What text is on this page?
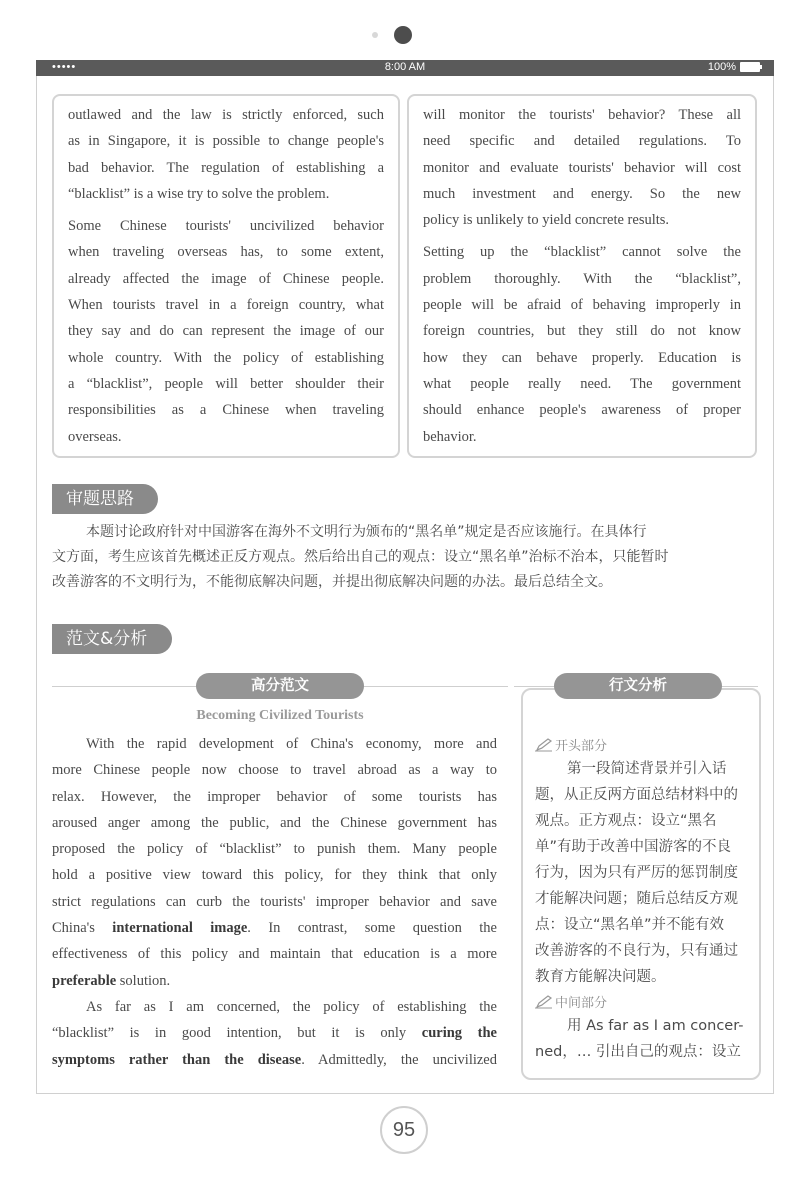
•••••	8:00 AM	100%

outlawed and the law is strictly enforced, such

as in Singapore, it is possible to change people's

bad behavior. The regulation of establishing a

“blacklist” is a wise try to solve the problem.

Some Chinese tourists' uncivilized behavior

when traveling overseas has, to some extent,

already affected the image of Chinese people.

When tourists travel in a foreign country, what

they say and do can represent the image of our

whole country. With the policy of establishing

a “blacklist”, people will better shoulder their

responsibilities as a Chinese when traveling

overseas.

will monitor the tourists' behavior? These all

need specific and detailed regulations. To

monitor and evaluate tourists' behavior will cost

much investment and energy. So the new

policy is unlikely to yield concrete results.

Setting up the “blacklist” cannot solve the

problem thoroughly. With the “blacklist”,

people will be afraid of behaving improperly in

foreign countries, but they still do not know

how they can behave properly. Education is

what people really need. The government

should enhance people's awareness of proper

behavior.

审题思路
本题讨论政府针对中国游客在海外不文明行为颁布的“黑名单”规定是否应该施行。在具体行
文方面，考生应该首先概述正反方观点。然后给出自己的观点：设立“黑名单”治标不治本，只能暂时
改善游客的不文明行为，不能彻底解决问题，并提出彻底解决问题的办法。最后总结全文。
范文&分析
高分范文
Becoming Civilized Tourists

With the rapid development of China's economy, more and

more Chinese people now choose to travel abroad as a way to

relax. However, the improper behavior of some tourists has

aroused anger among the public, and the Chinese government has

proposed the policy of “blacklist” to punish them. Many people

hold a positive view toward this policy, for they think that only

strict regulations can curb the tourists' improper behavior and save

China's international image. In contrast, some question the

effectiveness of this policy and maintain that education is a more

preferable solution.

As far as I am concerned, the policy of establishing the

“blacklist” is in good intention, but it is only curing the

symptoms rather than the disease. Admittedly, the uncivilized

行文分析
开头部分
第一段简述背景并引入话
题，从正反两方面总结材料中的
观点。正方观点：设立“黑名
单”有助于改善中国游客的不良
行为，因为只有严厉的惩罚制度
才能解决问题；随后总结反方观
点：设立“黑名单”并不能有效
改善游客的不良行为，只有通过
教育方能解决问题。
中间部分
用 As far as I am concer-
ned，… 引出自己的观点：设立
95
